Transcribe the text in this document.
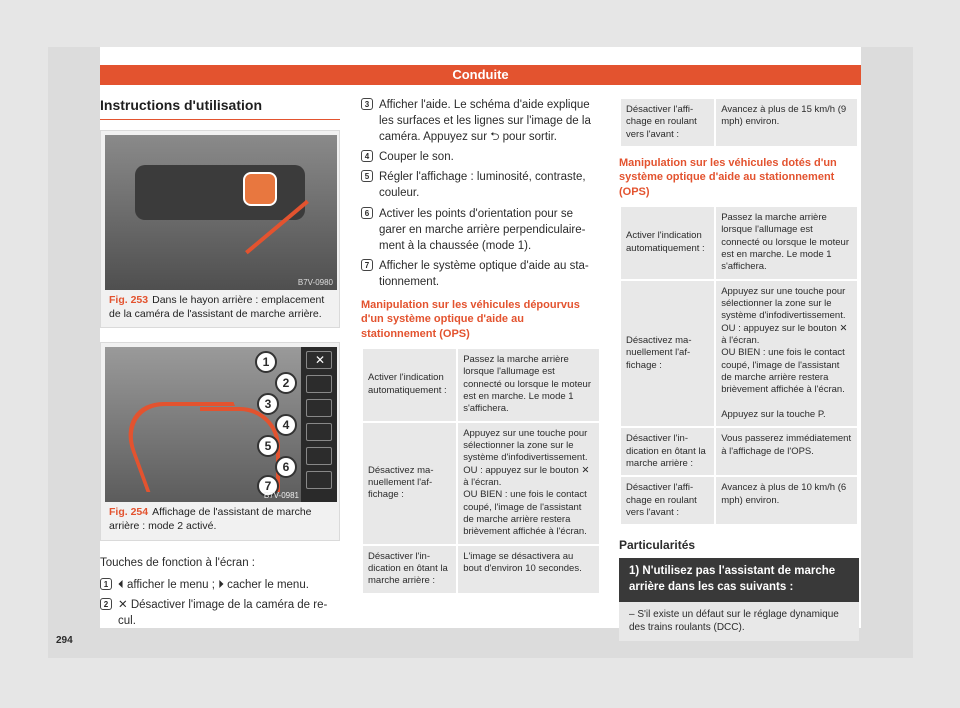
Conduite
Instructions d'utilisation
B7V-0980
Fig. 253 Dans le hayon arrière : emplacement de la caméra de l'assistant de marche arrière.
✕
1
2
3
4
5
6
7
B7V-0981
Fig. 254 Affichage de l'assistant de marche arrière : mode 2 activé.

Touches de fonction à l'écran :

1 ⏴ afficher le menu ; ⏵ cacher le menu.
2 ✕ Désactiver l'image de la caméra de recul.
294
3 Afficher l'aide. Le schéma d'aide explique les surfaces et les lignes sur l'image de la caméra. Appuyez sur ⮌ pour sortir.
4 Couper le son.
5 Régler l'affichage : luminosité, contraste, couleur.
6 Activer les points d'orientation pour se garer en marche arrière perpendiculairement à la chaussée (mode 1).
7 Afficher le système optique d'aide au stationnement.
Manipulation sur les véhicules dépourvus d'un système optique d'aide au stationnement (OPS)
Activer l'indication automatiquement :	Passez la marche arrière lorsque l'allumage est connecté ou lorsque le moteur est en marche. Le mode 1 s'affichera.
Désactivez manuellement l'affichage :	Appuyez sur une touche pour sélectionner la zone sur le système d'infodivertissement.
OU : appuyez sur le bouton ✕ à l'écran.
OU BIEN : une fois le contact coupé, l'image de l'assistant de marche arrière restera brièvement affichée à l'écran.
Désactiver l'indication en ôtant la marche arrière :	L'image se désactivera au bout d'environ 10 secondes.
Désactiver l'affichage en roulant vers l'avant :	Avancez à plus de 15 km/h (9 mph) environ.
Manipulation sur les véhicules dotés d'un système optique d'aide au stationnement (OPS)
Activer l'indication automatiquement :	Passez la marche arrière lorsque l'allumage est connecté ou lorsque le moteur est en marche. Le mode 1 s'affichera.
Désactivez manuellement l'affichage :	Appuyez sur une touche pour sélectionner la zone sur le système d'infodivertissement.
OU : appuyez sur le bouton ✕ à l'écran.
OU BIEN : une fois le contact coupé, l'image de l'assistant de marche arrière restera brièvement affichée à l'écran.

Appuyez sur la touche P.
Désactiver l'indication en ôtant la marche arrière :	Vous passerez immédiatement à l'affichage de l'OPS.
Désactiver l'affichage en roulant vers l'avant :	Avancez à plus de 10 km/h (6 mph) environ.
Particularités
1) N'utilisez pas l'assistant de marche arrière dans les cas suivants :
– S'il existe un défaut sur le réglage dynamique des trains roulants (DCC).
